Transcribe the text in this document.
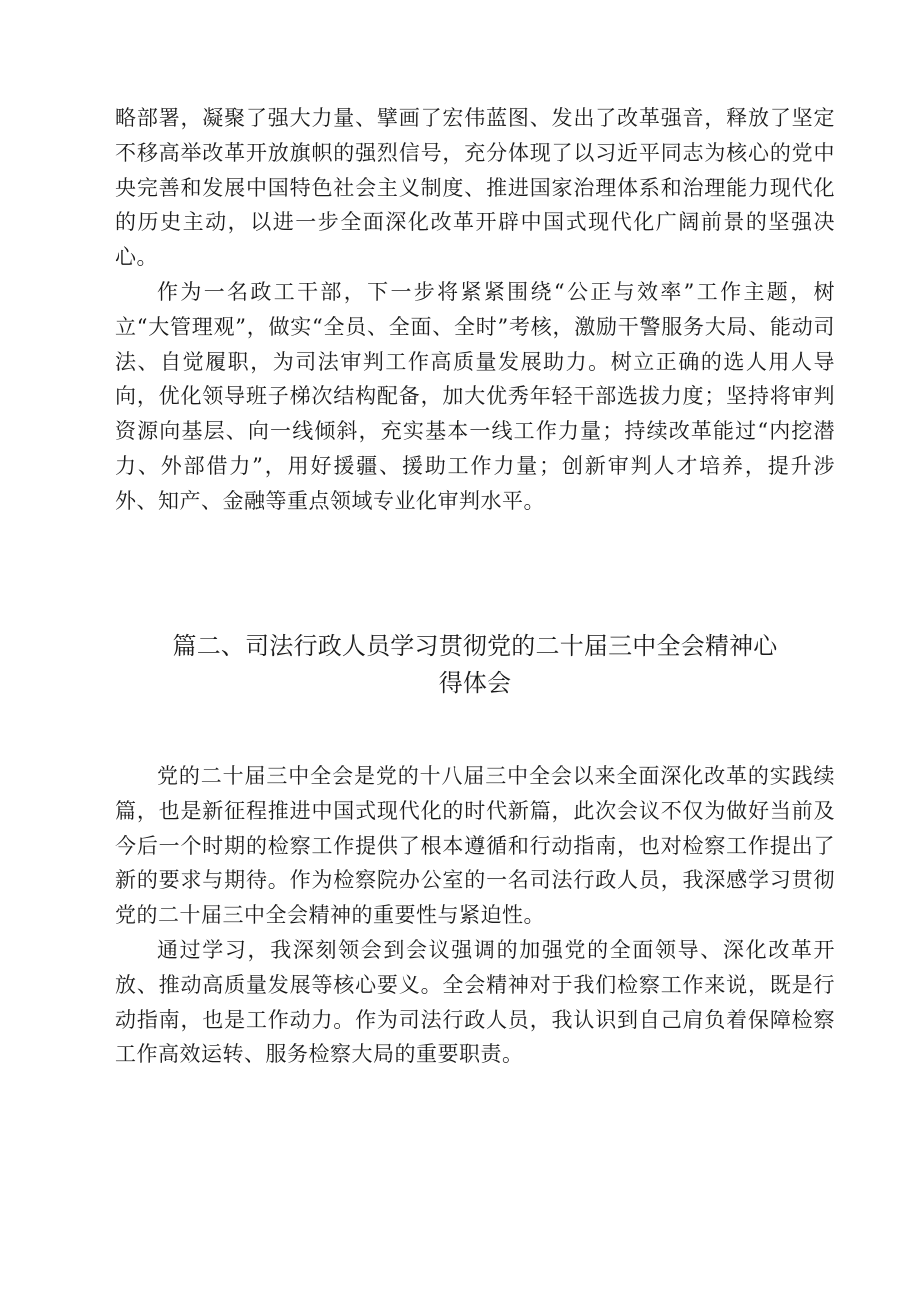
略部署，凝聚了强大力量、擘画了宏伟蓝图、发出了改革强音，释放了坚定不移高举改革开放旗帜的强烈信号，充分体现了以习近平同志为核心的党中央完善和发展中国特色社会主义制度、推进国家治理体系和治理能力现代化的历史主动，以进一步全面深化改革开辟中国式现代化广阔前景的坚强决心。

作为一名政工干部，下一步将紧紧围绕“公正与效率”工作主题，树立“大管理观”，做实“全员、全面、全时”考核，激励干警服务大局、能动司法、自觉履职，为司法审判工作高质量发展助力。树立正确的选人用人导向，优化领导班子梯次结构配备，加大优秀年轻干部选拔力度；坚持将审判资源向基层、向一线倾斜，充实基本一线工作力量；持续改革能过“内挖潜力、外部借力”，用好援疆、援助工作力量；创新审判人才培养，提升涉外、知产、金融等重点领域专业化审判水平。

篇二、司法行政人员学习贯彻党的二十届三中全会精神心
得体会

党的二十届三中全会是党的十八届三中全会以来全面深化改革的实践续篇，也是新征程推进中国式现代化的时代新篇，此次会议不仅为做好当前及今后一个时期的检察工作提供了根本遵循和行动指南，也对检察工作提出了新的要求与期待。作为检察院办公室的一名司法行政人员，我深感学习贯彻党的二十届三中全会精神的重要性与紧迫性。

通过学习，我深刻领会到会议强调的加强党的全面领导、深化改革开放、推动高质量发展等核心要义。全会精神对于我们检察工作来说，既是行动指南，也是工作动力。作为司法行政人员，我认识到自己肩负着保障检察工作高效运转、服务检察大局的重要职责。
